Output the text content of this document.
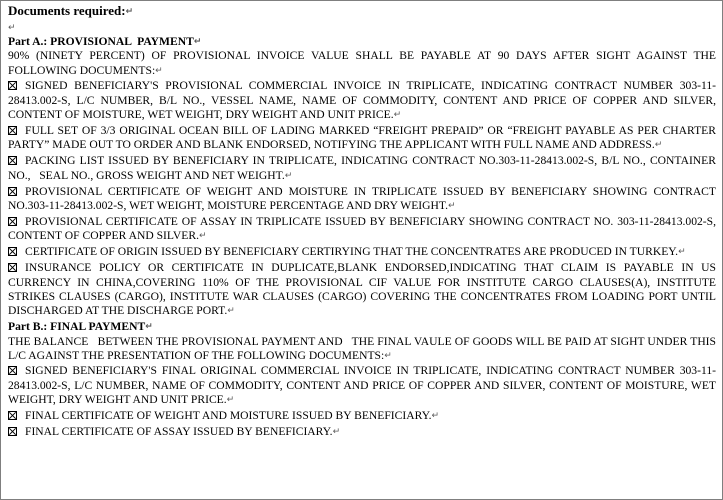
Documents required:↵
↵
Part A.: PROVISIONAL  PAYMENT↵
90% (NINETY PERCENT) OF PROVISIONAL INVOICE VALUE SHALL BE PAYABLE AT 90 DAYS AFTER SIGHT AGAINST THE FOLLOWING DOCUMENTS:↵
SIGNED BENEFICIARY'S PROVISIONAL COMMERCIAL INVOICE IN TRIPLICATE, INDICATING CONTRACT NUMBER 303-11-28413.002-S, L/C NUMBER, B/L NO., VESSEL NAME, NAME OF COMMODITY, CONTENT AND PRICE OF COPPER AND SILVER, CONTENT OF MOISTURE, WET WEIGHT, DRY WEIGHT AND UNIT PRICE.↵
FULL SET OF 3/3 ORIGINAL OCEAN BILL OF LADING MARKED “FREIGHT PREPAID” OR “FREIGHT PAYABLE AS PER CHARTER PARTY” MADE OUT TO ORDER AND BLANK ENDORSED, NOTIFYING THE APPLICANT WITH FULL NAME AND ADDRESS.↵
PACKING LIST ISSUED BY BENEFICIARY IN TRIPLICATE, INDICATING CONTRACT NO.303-11-28413.002-S, B/L NO., CONTAINER NO.,   SEAL NO., GROSS WEIGHT AND NET WEIGHT.↵
PROVISIONAL CERTIFICATE OF WEIGHT AND MOISTURE IN TRIPLICATE ISSUED BY BENEFICIARY SHOWING CONTRACT NO.303-11-28413.002-S, WET WEIGHT, MOISTURE PERCENTAGE AND DRY WEIGHT.↵
PROVISIONAL CERTIFICATE OF ASSAY IN TRIPLICATE ISSUED BY BENEFICIARY SHOWING CONTRACT NO. 303-11-28413.002-S, CONTENT OF COPPER AND SILVER.↵
CERTIFICATE OF ORIGIN ISSUED BY BENEFICIARY CERTIRYING THAT THE CONCENTRATES ARE PRODUCED IN TURKEY.↵
INSURANCE POLICY OR CERTIFICATE IN DUPLICATE,BLANK ENDORSED,INDICATING THAT CLAIM IS PAYABLE IN US CURRENCY IN CHINA,COVERING 110% OF THE PROVISIONAL CIF VALUE FOR INSTITUTE CARGO CLAUSES(A), INSTITUTE STRIKES CLAUSES (CARGO), INSTITUTE WAR CLAUSES (CARGO) COVERING THE CONCENTRATES FROM LOADING PORT UNTIL DISCHARGED AT THE DISCHARGE PORT.↵
Part B.: FINAL PAYMENT↵
THE BALANCE   BETWEEN THE PROVISIONAL PAYMENT AND   THE FINAL VAULE OF GOODS WILL BE PAID AT SIGHT UNDER THIS L/C AGAINST THE PRESENTATION OF THE FOLLOWING DOCUMENTS:↵
SIGNED BENEFICIARY'S FINAL ORIGINAL COMMERCIAL INVOICE IN TRIPLICATE, INDICATING CONTRACT NUMBER 303-11-28413.002-S, L/C NUMBER, NAME OF COMMODITY, CONTENT AND PRICE OF COPPER AND SILVER, CONTENT OF MOISTURE, WET WEIGHT, DRY WEIGHT AND UNIT PRICE.↵
FINAL CERTIFICATE OF WEIGHT AND MOISTURE ISSUED BY BENEFICIARY.↵
FINAL CERTIFICATE OF ASSAY ISSUED BY BENEFICIARY.↵
